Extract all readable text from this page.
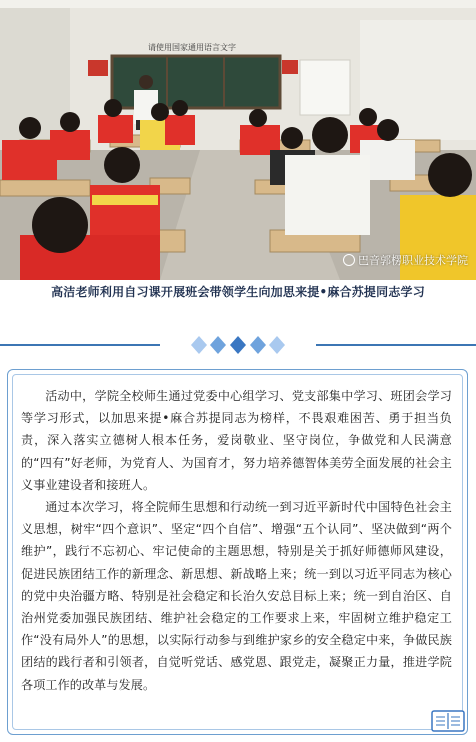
请使用国家通用语言文字
巴音郭楞职业技术学院
高洁老师利用自习课开展班会带领学生向加思来提•麻合苏提同志学习

活动中，学院全校师生通过党委中心组学习、党支部集中学习、班团会学习等学习形式，以加思来提•麻合苏提同志为榜样，不畏艰难困苦、勇于担当负责，深入落实立德树人根本任务，爱岗敬业、坚守岗位，争做党和人民满意的“四有”好老师，为党育人、为国育才，努力培养德智体美劳全面发展的社会主义事业建设者和接班人。

通过本次学习，将全院师生思想和行动统一到习近平新时代中国特色社会主义思想，树牢“四个意识”、坚定“四个自信”、增强“五个认同”、坚决做到“两个维护”，践行不忘初心、牢记使命的主题思想，特别是关于抓好师德师风建设，促进民族团结工作的新理念、新思想、新战略上来；统一到以习近平同志为核心的党中央治疆方略、特别是社会稳定和长治久安总目标上来；统一到自治区、自治州党委加强民族团结、维护社会稳定的工作要求上来，牢固树立维护稳定工作“没有局外人”的思想，以实际行动参与到维护家乡的安全稳定中来，争做民族团结的践行者和引领者，自觉听党话、感党恩、跟党走，凝聚正力量，推进学院各项工作的改革与发展。
